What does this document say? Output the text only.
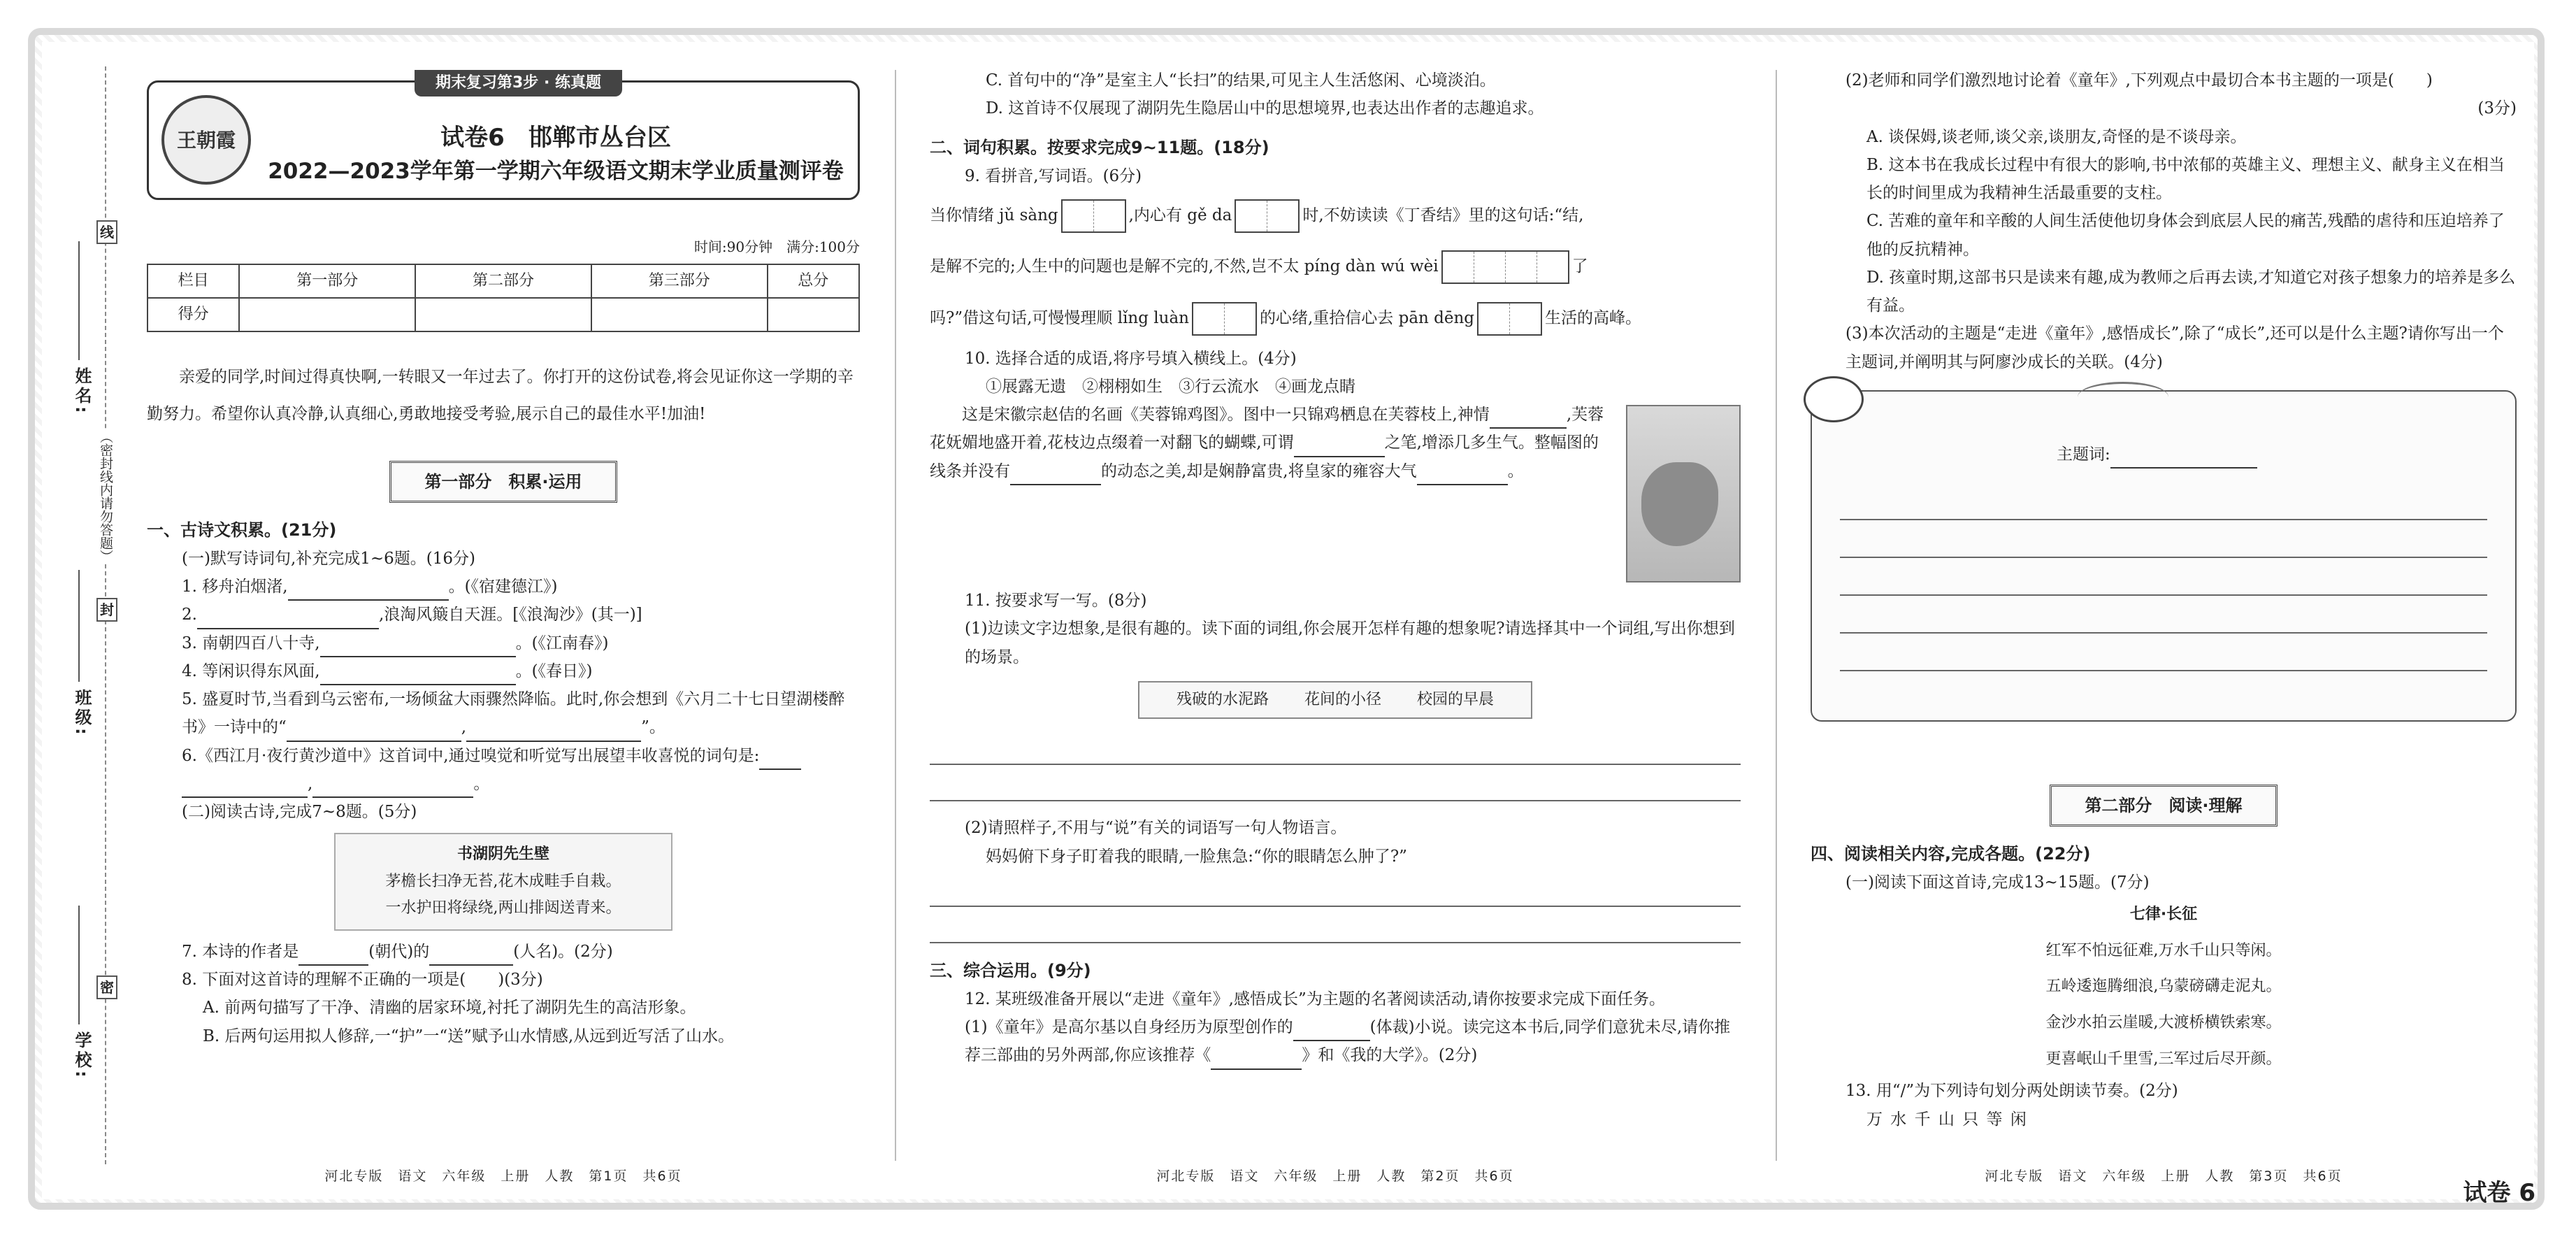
姓名:
班级:
学校:
线
（密封线内请勿答题）
封
密
期末复习第3步 · 练真题
王朝霞	试卷6　邯郸市丛台区
2022—2023学年第一学期六年级语文期末学业质量测评卷
时间:90分钟　满分:100分
栏目	第一部分	第二部分	第三部分	总分
得分				
亲爱的同学,时间过得真快啊,一转眼又一年过去了。你打开的这份试卷,将会见证你这一学期的辛勤努力。希望你认真冷静,认真细心,勇敢地接受考验,展示自己的最佳水平!加油!
第一部分　积累·运用
一、古诗文积累。(21分)
(一)默写诗词句,补充完成1~6题。(16分)
1. 移舟泊烟渚,	。(《宿建德江》)
2.	,浪淘风簸自天涯。[《浪淘沙》(其一)]
3. 南朝四百八十寺,	。(《江南春》)
4. 等闲识得东风面,	。(《春日》)
5. 盛夏时节,当看到乌云密布,一场倾盆大雨骤然降临。此时,你会想到《六月二十七日望湖楼醉书》一诗中的“	,	”。
6.《西江月·夜行黄沙道中》这首词中,通过嗅觉和听觉写出展望丰收喜悦的词句是:
,	。
(二)阅读古诗,完成7~8题。(5分)
书湖阴先生壁
茅檐长扫净无苔,花木成畦手自栽。
一水护田将绿绕,两山排闼送青来。
7. 本诗的作者是	(朝代)的	(人名)。(2分)
8. 下面对这首诗的理解不正确的一项是(　　)(3分)
A. 前两句描写了干净、清幽的居家环境,衬托了湖阴先生的高洁形象。
B. 后两句运用拟人修辞,一“护”一“送”赋予山水情感,从远到近写活了山水。
河北专版　语文　六年级　上册　人教　第1页　共6页
C. 首句中的“净”是室主人“长扫”的结果,可见主人生活悠闲、心境淡泊。
D. 这首诗不仅展现了湖阴先生隐居山中的思想境界,也表达出作者的志趣追求。
二、词句积累。按要求完成9~11题。(18分)
9. 看拼音,写词语。(6分)
当你情绪 jǔ sàng	,内心有 gě da	时,不妨读读《丁香结》里的这句话:“结,
是解不完的;人生中的问题也是解不完的,不然,岂不太 píng dàn wú wèi	了
吗?”借这句话,可慢慢理顺 lǐng luàn	的心绪,重拾信心去 pān dēng	生活的高峰。
10. 选择合适的成语,将序号填入横线上。(4分)
①展露无遗　②栩栩如生　③行云流水　④画龙点睛
这是宋徽宗赵佶的名画《芙蓉锦鸡图》。图中一只锦鸡栖息在芙蓉枝上,神情	,芙蓉花妩媚地盛开着,花枝边点缀着一对翻飞的蝴蝶,可谓	之笔,增添几多生气。整幅图的线条并没有	的动态之美,却是娴静富贵,将皇家的雍容大气	。
11. 按要求写一写。(8分)
(1)边读文字边想象,是很有趣的。读下面的词组,你会展开怎样有趣的想象呢?请选择其中一个词组,写出你想到的场景。
残破的水泥路 花间的小径 校园的早晨
(2)请照样子,不用与“说”有关的词语写一句人物语言。
妈妈俯下身子盯着我的眼睛,一脸焦急:“你的眼睛怎么肿了?”
三、综合运用。(9分)
12. 某班级准备开展以“走进《童年》,感悟成长”为主题的名著阅读活动,请你按要求完成下面任务。
(1)《童年》是高尔基以自身经历为原型创作的	(体裁)小说。读完这本书后,同学们意犹未尽,请你推荐三部曲的另外两部,你应该推荐《	》和《我的大学》。(2分)
河北专版　语文　六年级　上册　人教　第2页　共6页
(2)老师和同学们激烈地讨论着《童年》,下列观点中最切合本书主题的一项是(　　)
(3分)
A. 谈保姆,谈老师,谈父亲,谈朋友,奇怪的是不谈母亲。
B. 这本书在我成长过程中有很大的影响,书中浓郁的英雄主义、理想主义、献身主义在相当长的时间里成为我精神生活最重要的支柱。
C. 苦难的童年和辛酸的人间生活使他切身体会到底层人民的痛苦,残酷的虐待和压迫培养了他的反抗精神。
D. 孩童时期,这部书只是读来有趣,成为教师之后再去读,才知道它对孩子想象力的培养是多么有益。
(3)本次活动的主题是“走进《童年》,感悟成长”,除了“成长”,还可以是什么主题?请你写出一个主题词,并阐明其与阿廖沙成长的关联。(4分)
主题词:
第二部分　阅读·理解
四、阅读相关内容,完成各题。(22分)
(一)阅读下面这首诗,完成13~15题。(7分)
七律·长征
红军不怕远征难,万水千山只等闲。
五岭逶迤腾细浪,乌蒙磅礴走泥丸。
金沙水拍云崖暖,大渡桥横铁索寒。
更喜岷山千里雪,三军过后尽开颜。
13. 用“/”为下列诗句划分两处朗读节奏。(2分)
万 水 千 山 只 等 闲
河北专版　语文　六年级　上册　人教　第3页　共6页
试卷 6
